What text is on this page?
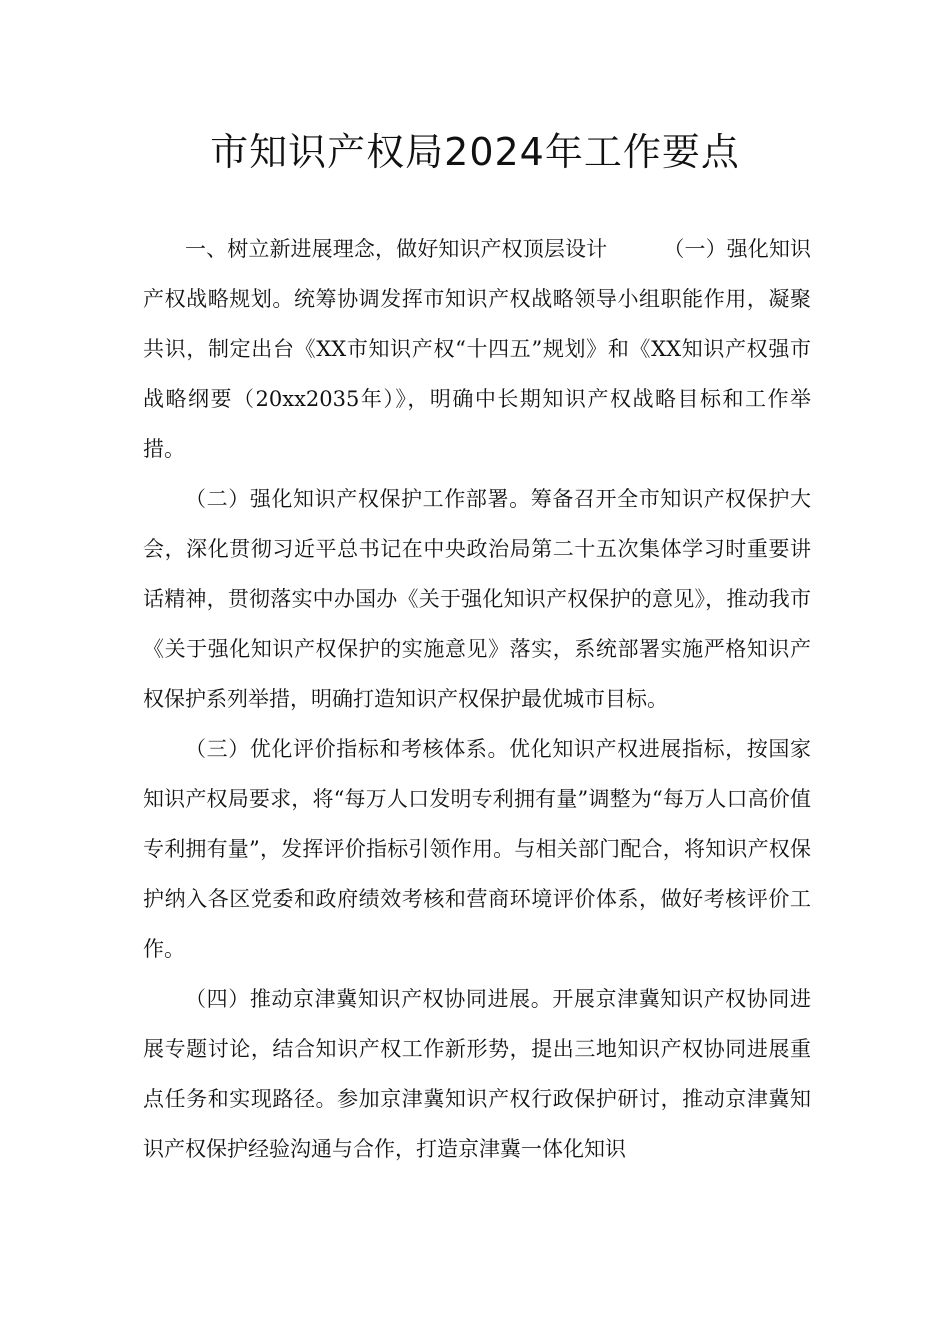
市知识产权局2024年工作要点

一、树立新进展理念，做好知识产权顶层设计	（一）强化知识产权战略规划。统筹协调发挥市知识产权战略领导小组职能作用，凝聚共识，制定出台《XX市知识产权“十四五”规划》和《XX知识产权强市战略纲要（20xx2035年）》，明确中长期知识产权战略目标和工作举措。

（二）强化知识产权保护工作部署。筹备召开全市知识产权保护大会，深化贯彻习近平总书记在中央政治局第二十五次集体学习时重要讲话精神，贯彻落实中办国办《关于强化知识产权保护的意见》，推动我市《关于强化知识产权保护的实施意见》落实，系统部署实施严格知识产权保护系列举措，明确打造知识产权保护最优城市目标。

（三）优化评价指标和考核体系。优化知识产权进展指标，按国家知识产权局要求，将“每万人口发明专利拥有量”调整为“每万人口高价值专利拥有量”，发挥评价指标引领作用。与相关部门配合，将知识产权保护纳入各区党委和政府绩效考核和营商环境评价体系，做好考核评价工作。

（四）推动京津冀知识产权协同进展。开展京津冀知识产权协同进展专题讨论，结合知识产权工作新形势，提出三地知识产权协同进展重点任务和实现路径。参加京津冀知识产权行政保护研讨，推动京津冀知识产权保护经验沟通与合作，打造京津冀一体化知识
